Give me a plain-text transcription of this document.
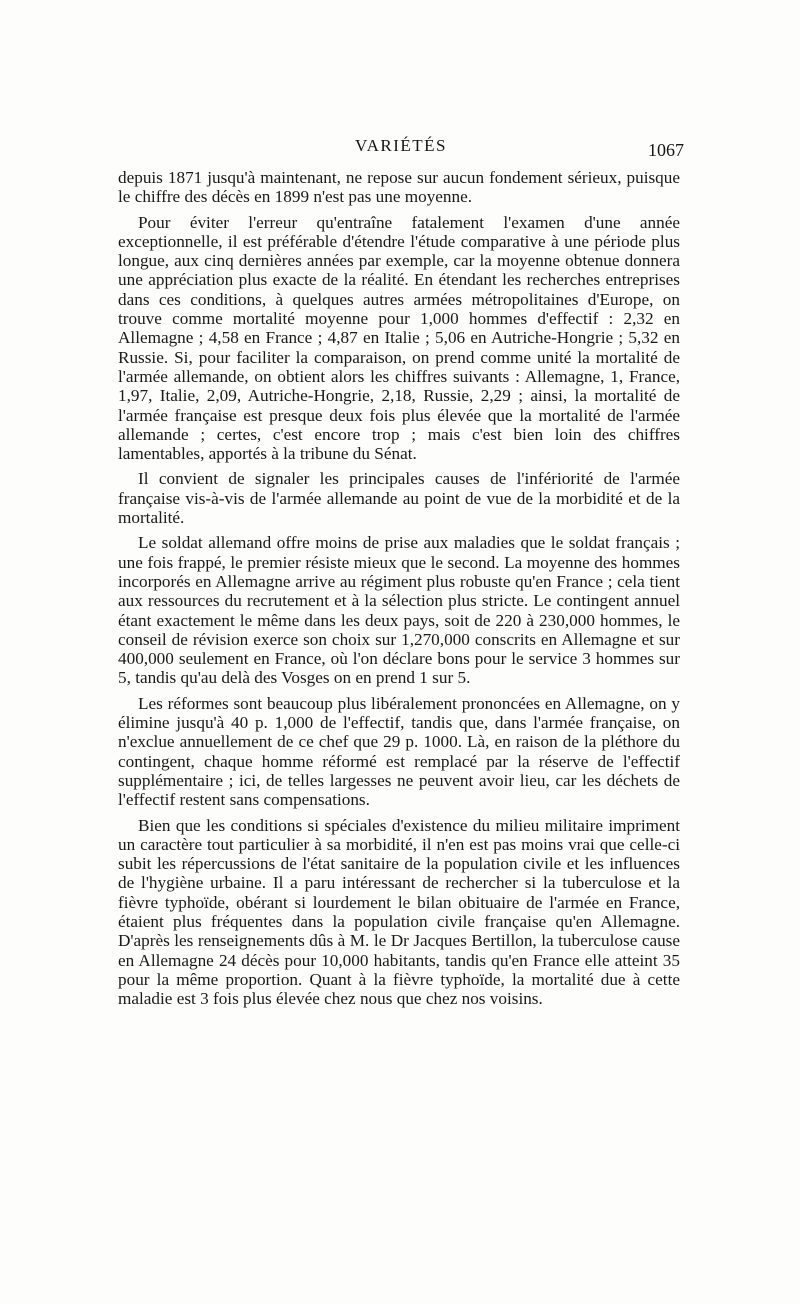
VARIÉTÉS	1067

depuis 1871 jusqu'à maintenant, ne repose sur aucun fondement sérieux, puisque le chiffre des décès en 1899 n'est pas une moyenne.

Pour éviter l'erreur qu'entraîne fatalement l'examen d'une année exceptionnelle, il est préférable d'étendre l'étude comparative à une période plus longue, aux cinq dernières années par exemple, car la moyenne obtenue donnera une appréciation plus exacte de la réalité. En étendant les recherches entreprises dans ces conditions, à quelques autres armées métropolitaines d'Europe, on trouve comme mortalité moyenne pour 1,000 hommes d'effectif : 2,32 en Allemagne ; 4,58 en France ; 4,87 en Italie ; 5,06 en Autriche-Hongrie ; 5,32 en Russie. Si, pour faciliter la comparaison, on prend comme unité la mortalité de l'armée allemande, on obtient alors les chiffres suivants : Allemagne, 1, France, 1,97, Italie, 2,09, Autriche-Hongrie, 2,18, Russie, 2,29 ; ainsi, la mortalité de l'armée française est presque deux fois plus élevée que la mortalité de l'armée allemande ; certes, c'est encore trop ; mais c'est bien loin des chiffres lamentables, apportés à la tribune du Sénat.

Il convient de signaler les principales causes de l'infériorité de l'armée française vis-à-vis de l'armée allemande au point de vue de la morbidité et de la mortalité.

Le soldat allemand offre moins de prise aux maladies que le soldat français ; une fois frappé, le premier résiste mieux que le second. La moyenne des hommes incorporés en Allemagne arrive au régiment plus robuste qu'en France ; cela tient aux ressources du recrutement et à la sélection plus stricte. Le contingent annuel étant exactement le même dans les deux pays, soit de 220 à 230,000 hommes, le conseil de révision exerce son choix sur 1,270,000 conscrits en Allemagne et sur 400,000 seulement en France, où l'on déclare bons pour le service 3 hommes sur 5, tandis qu'au delà des Vosges on en prend 1 sur 5.

Les réformes sont beaucoup plus libéralement prononcées en Allemagne, on y élimine jusqu'à 40 p. 1,000 de l'effectif, tandis que, dans l'armée française, on n'exclue annuellement de ce chef que 29 p. 1000. Là, en raison de la pléthore du contingent, chaque homme réformé est remplacé par la réserve de l'effectif supplémentaire ; ici, de telles largesses ne peuvent avoir lieu, car les déchets de l'effectif restent sans compensations.

Bien que les conditions si spéciales d'existence du milieu militaire impriment un caractère tout particulier à sa morbidité, il n'en est pas moins vrai que celle-ci subit les répercussions de l'état sanitaire de la population civile et les influences de l'hygiène urbaine. Il a paru intéressant de rechercher si la tuberculose et la fièvre typhoïde, obérant si lourdement le bilan obituaire de l'armée en France, étaient plus fréquentes dans la population civile française qu'en Allemagne. D'après les renseignements dûs à M. le Dr Jacques Bertillon, la tuberculose cause en Allemagne 24 décès pour 10,000 habitants, tandis qu'en France elle atteint 35 pour la même proportion. Quant à la fièvre typhoïde, la mortalité due à cette maladie est 3 fois plus élevée chez nous que chez nos voisins.
